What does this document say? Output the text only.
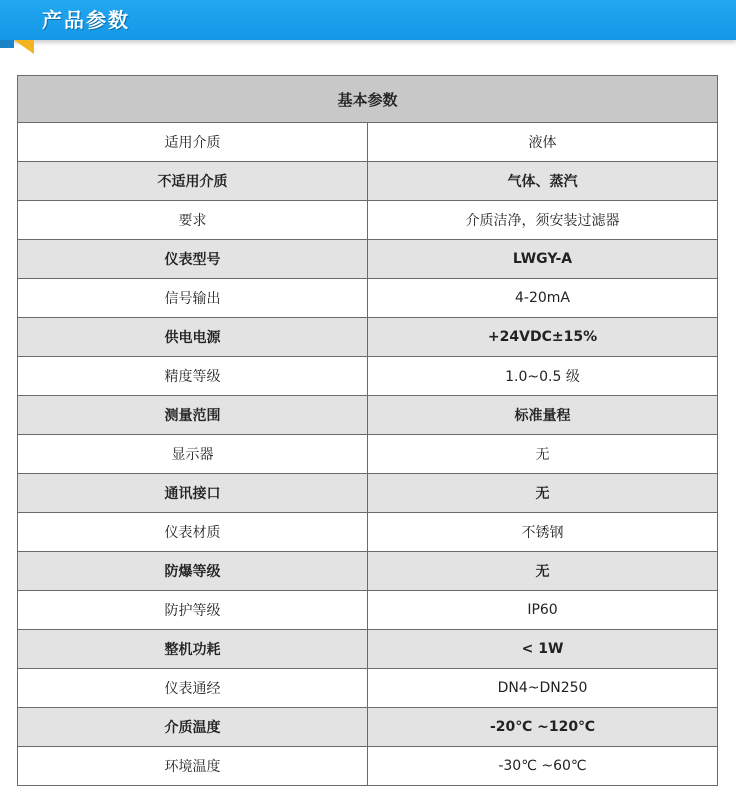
产品参数
基本参数	
适用介质	液体
不适用介质	气体、蒸汽
要求	介质洁净，须安装过滤器
仪表型号	LWGY-A
信号输出	4-20mA
供电电源	+24VDC±15%
精度等级	1.0~0.5 级
测量范围	标准量程
显示器	无
通讯接口	无
仪表材质	不锈钢
防爆等级	无
防护等级	IP60
整机功耗	< 1W
仪表通经	DN4~DN250
介质温度	-20℃ ~120℃
环境温度	-30℃ ~60℃
